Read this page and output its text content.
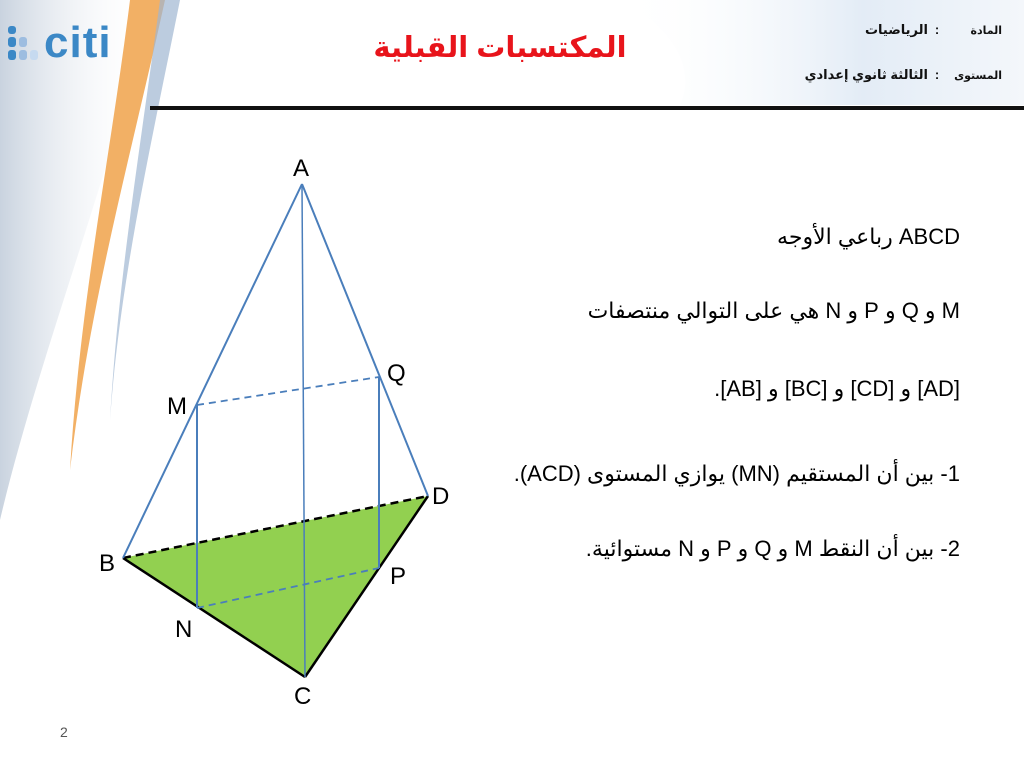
citi	المكتسبات القبلية
المادة
:
الرياضيات
المستوى
:
الثالثة ثانوي إعدادي
A
B
C
D
M
N
P
Q
ABCD رباعي الأوجه
M و Q و P و N هي على التوالي منتصفات
[AD] و [CD] و [BC] و [AB].
1- بين أن المستقيم (MN) يوازي المستوى (ACD).
2- بين أن النقط M و Q و P و N مستوائية.
2
